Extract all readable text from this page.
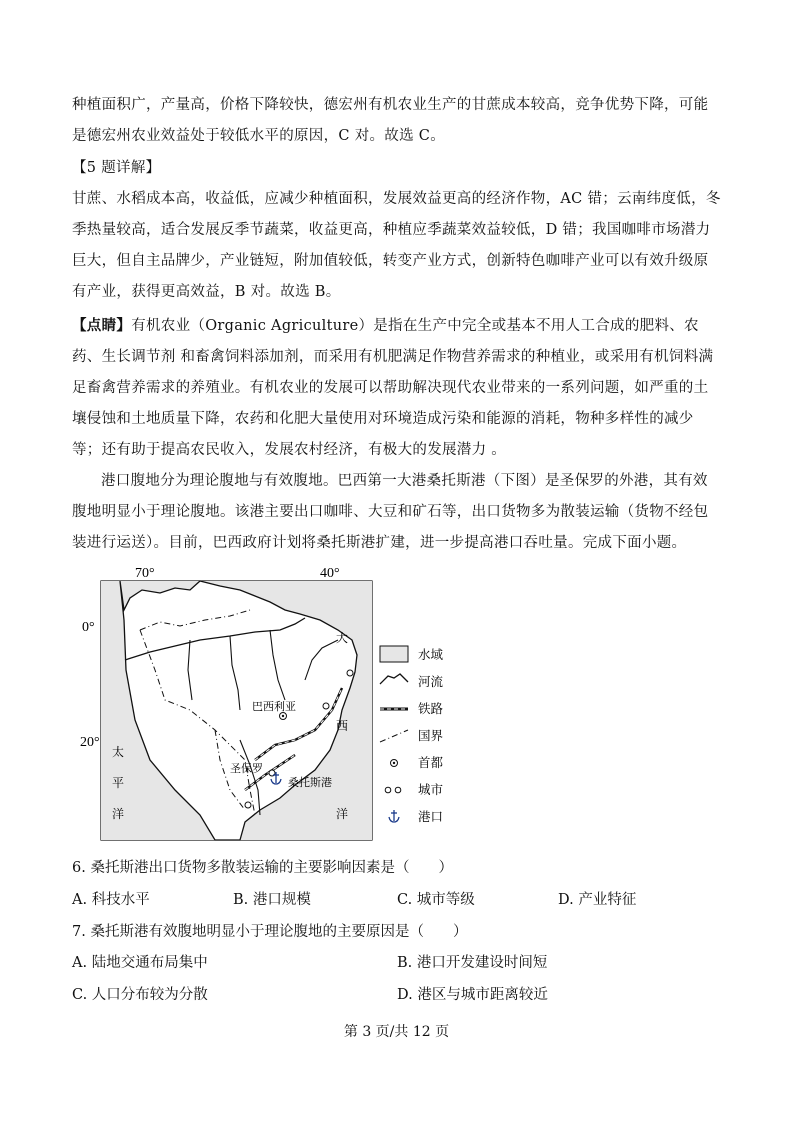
种植面积广，产量高，价格下降较快，德宏州有机农业生产的甘蔗成本较高，竞争优势下降，可能是德宏州农业效益处于较低水平的原因，C 对。故选 C。

【5 题详解】

甘蔗、水稻成本高，收益低，应减少种植面积，发展效益更高的经济作物，AC 错；云南纬度低，冬季热量较高，适合发展反季节蔬菜，收益更高，种植应季蔬菜效益较低，D 错；我国咖啡市场潜力巨大，但自主品牌少，产业链短，附加值较低，转变产业方式，创新特色咖啡产业可以有效升级原有产业，获得更高效益，B 对。故选 B。

【点睛】有机农业（Organic Agriculture）是指在生产中完全或基本不用人工合成的肥料、农药、生长调节剂 和畜禽饲料添加剂，而采用有机肥满足作物营养需求的种植业，或采用有机饲料满足畜禽营养需求的养殖业。有机农业的发展可以帮助解决现代农业带来的一系列问题，如严重的土壤侵蚀和土地质量下降，农药和化肥大量使用对环境造成污染和能源的消耗，物种多样性的减少等；还有助于提高农民收入，发展农村经济，有极大的发展潜力 。

港口腹地分为理论腹地与有效腹地。巴西第一大港桑托斯港（下图）是圣保罗的外港，其有效腹地明显小于理论腹地。该港主要出口咖啡、大豆和矿石等，出口货物多为散装运输（货物不经包装进行运送）。目前，巴西政府计划将桑托斯港扩建，进一步提高港口吞吐量。完成下面小题。

70°	40°
0°
20°
太
平
洋
大
西
洋
巴西利亚
圣保罗
桑托斯港
水域
河流
铁路
国界
首都
城市
港口

6. 桑托斯港出口货物多散装运输的主要影响因素是（　　）

A. 科技水平	B. 港口规模	C. 城市等级	D. 产业特征

7. 桑托斯港有效腹地明显小于理论腹地的主要原因是（　　）

A. 陆地交通布局集中	B. 港口开发建设时间短

C. 人口分布较为分散	D. 港区与城市距离较近

第 3 页/共 12 页
